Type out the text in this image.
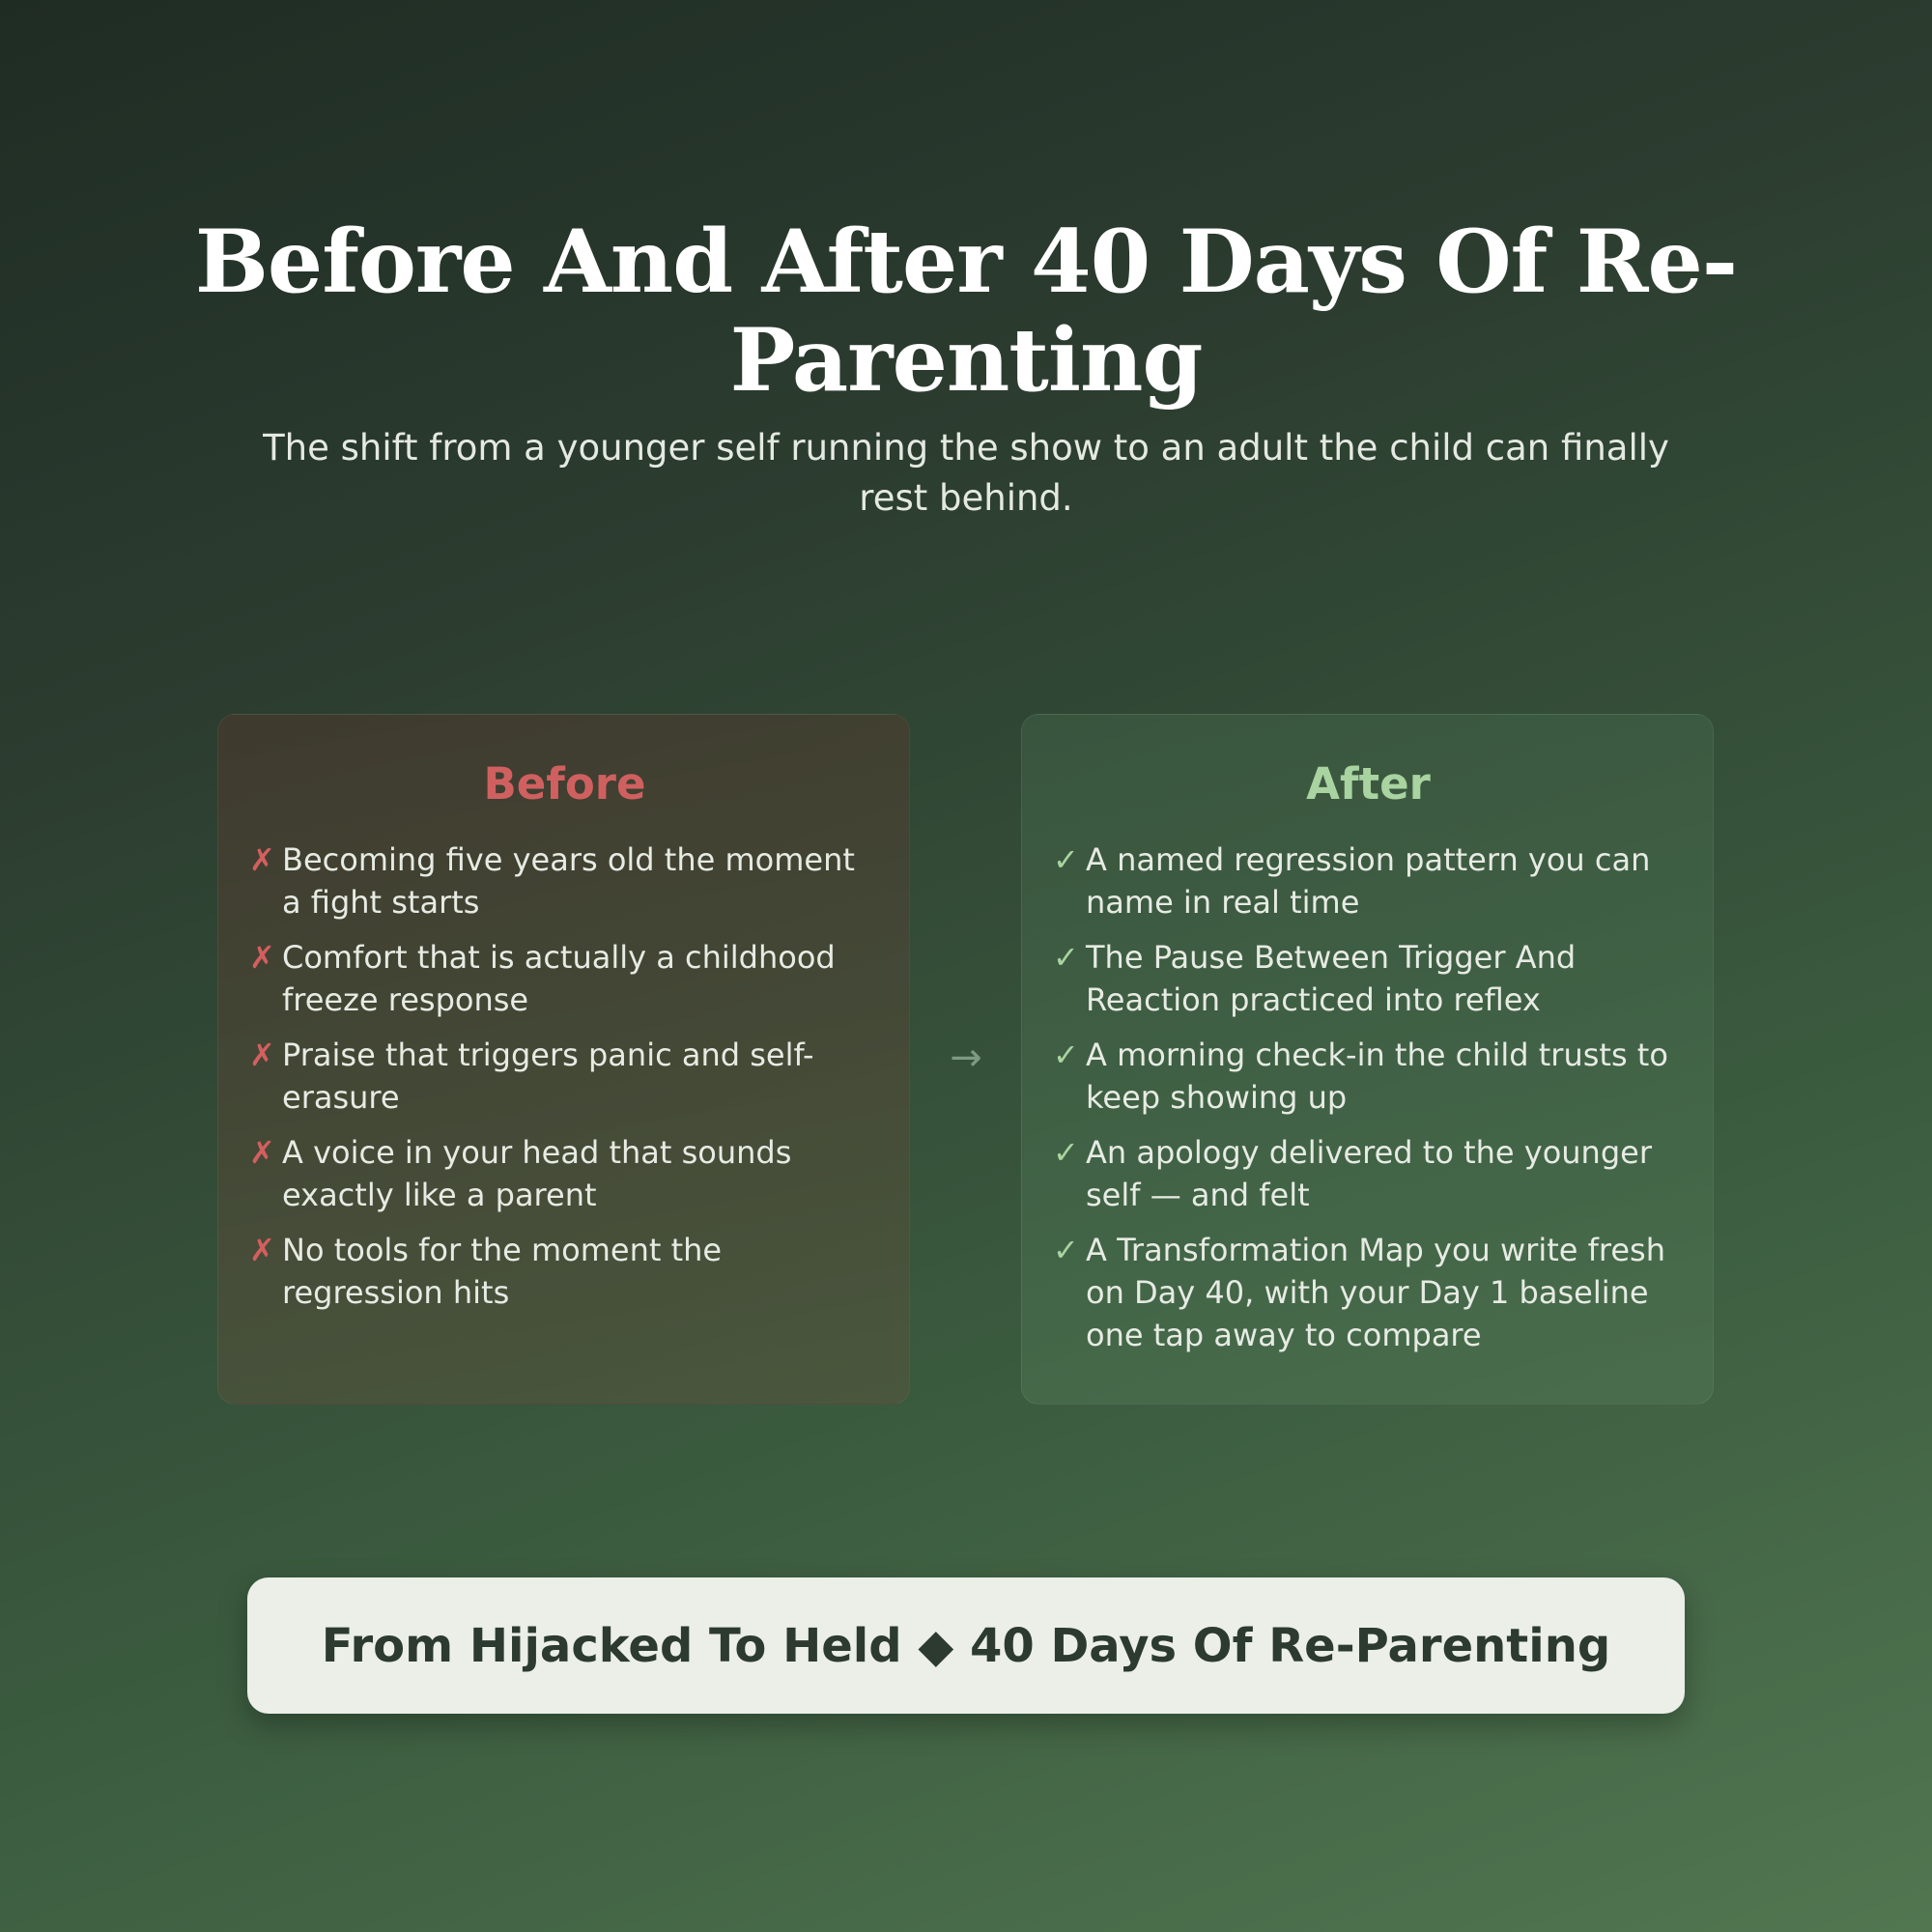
Before And After 40 Days Of Re-Parenting

The shift from a younger self running the show to an adult the child can finally rest behind.

Before
✗ Becoming five years old the moment a fight starts
✗ Comfort that is actually a childhood freeze response
✗ Praise that triggers panic and self-erasure
✗ A voice in your head that sounds exactly like a parent
✗ No tools for the moment the regression hits
→
After
✓ A named regression pattern you can name in real time
✓ The Pause Between Trigger And Reaction practiced into reflex
✓ A morning check-in the child trusts to keep showing up
✓ An apology delivered to the younger self — and felt
✓ A Transformation Map you write fresh on Day 40, with your Day 1 baseline one tap away to compare
From Hijacked To Held ◆ 40 Days Of Re-Parenting
